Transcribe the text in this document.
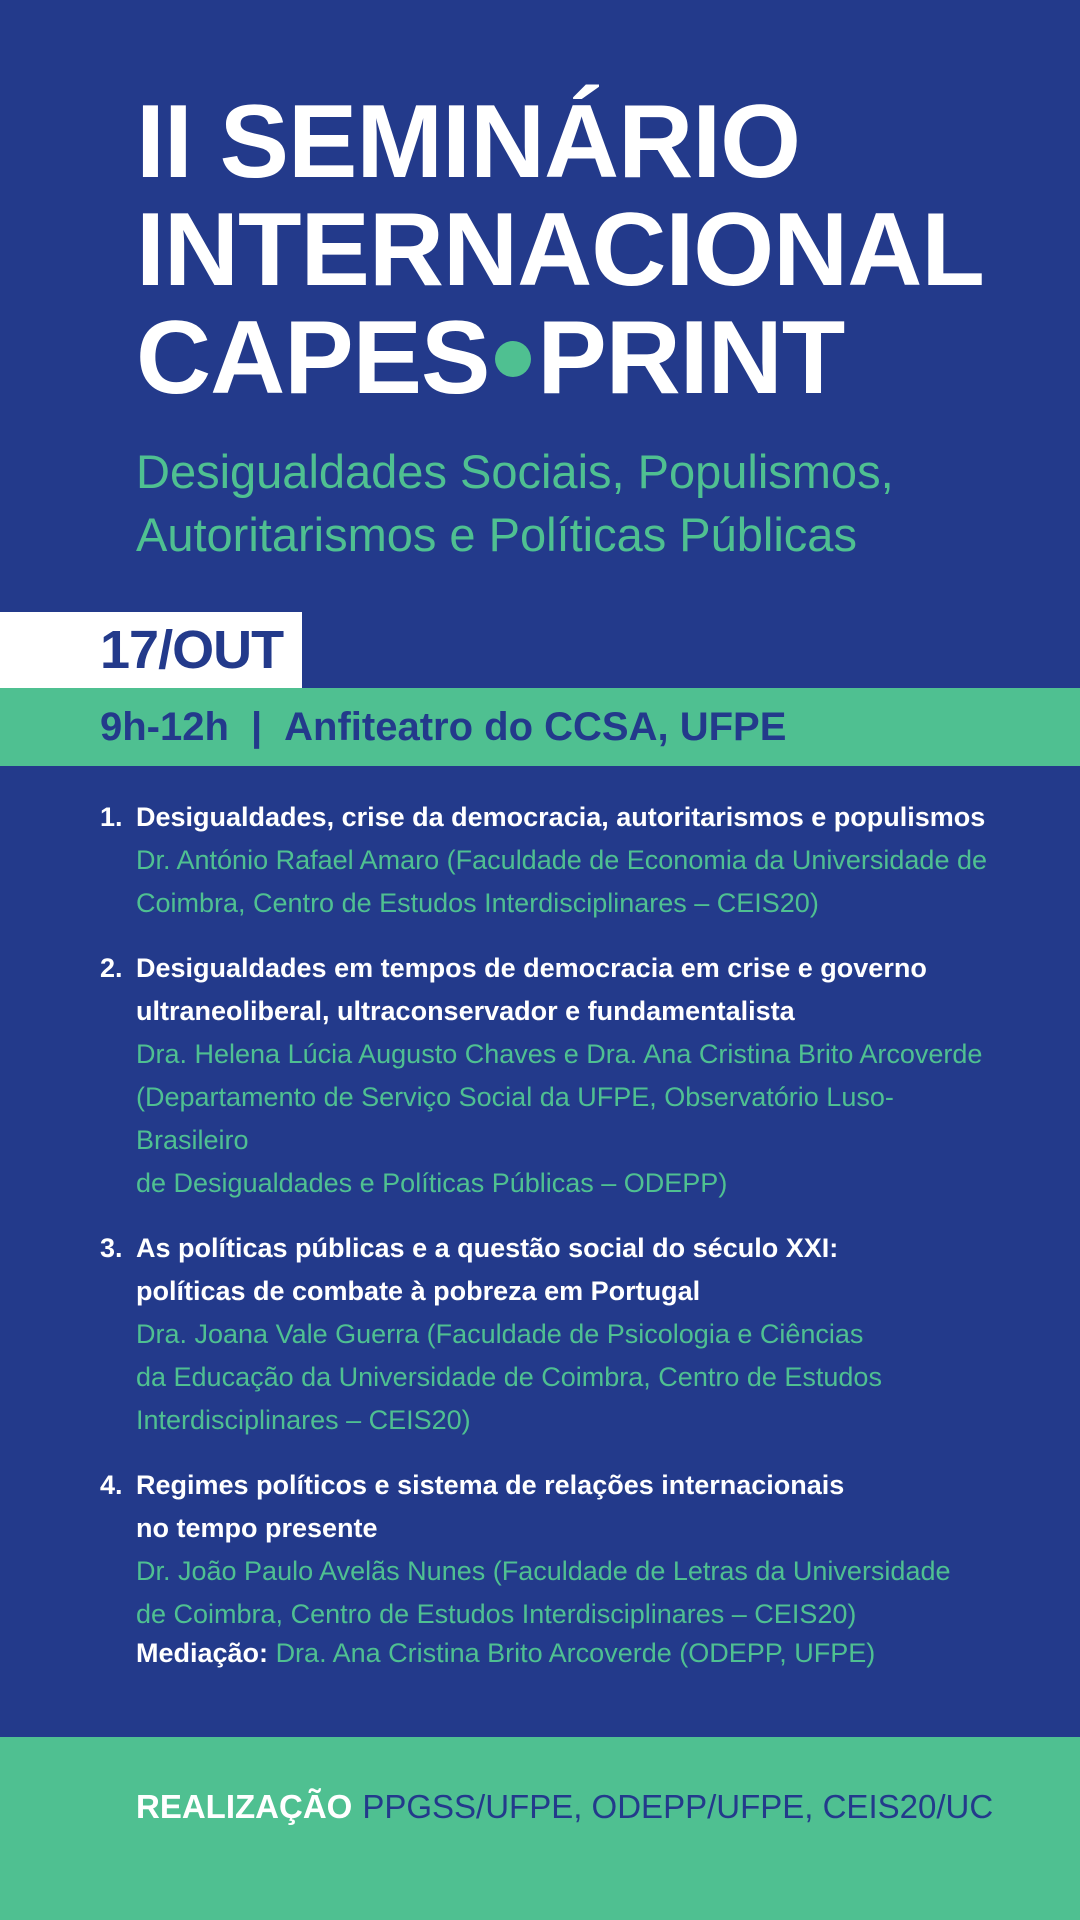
II SEMINÁRIO
INTERNACIONAL
CAPES PRINT
Desigualdades Sociais, Populismos,
Autoritarismos e Políticas Públicas
17/OUT
9h-12h | Anfiteatro do CCSA, UFPE
1. Desigualdades, crise da democracia, autoritarismos e populismos
Dr. António Rafael Amaro (Faculdade de Economia da Universidade de
Coimbra, Centro de Estudos Interdisciplinares – CEIS20)
2. Desigualdades em tempos de democracia em crise e governo
ultraneoliberal, ultraconservador e fundamentalista
Dra. Helena Lúcia Augusto Chaves e Dra. Ana Cristina Brito Arcoverde
(Departamento de Serviço Social da UFPE, Observatório Luso-Brasileiro
de Desigualdades e Políticas Públicas – ODEPP)
3. As políticas públicas e a questão social do século XXI:
políticas de combate à pobreza em Portugal
Dra. Joana Vale Guerra (Faculdade de Psicologia e Ciências
da Educação da Universidade de Coimbra, Centro de Estudos
Interdisciplinares – CEIS20)
4. Regimes políticos e sistema de relações internacionais
no tempo presente
Dr. João Paulo Avelãs Nunes (Faculdade de Letras da Universidade
de Coimbra, Centro de Estudos Interdisciplinares – CEIS20)
Mediação: Dra. Ana Cristina Brito Arcoverde (ODEPP, UFPE)
REALIZAÇÃO PPGSS/UFPE, ODEPP/UFPE, CEIS20/UC
